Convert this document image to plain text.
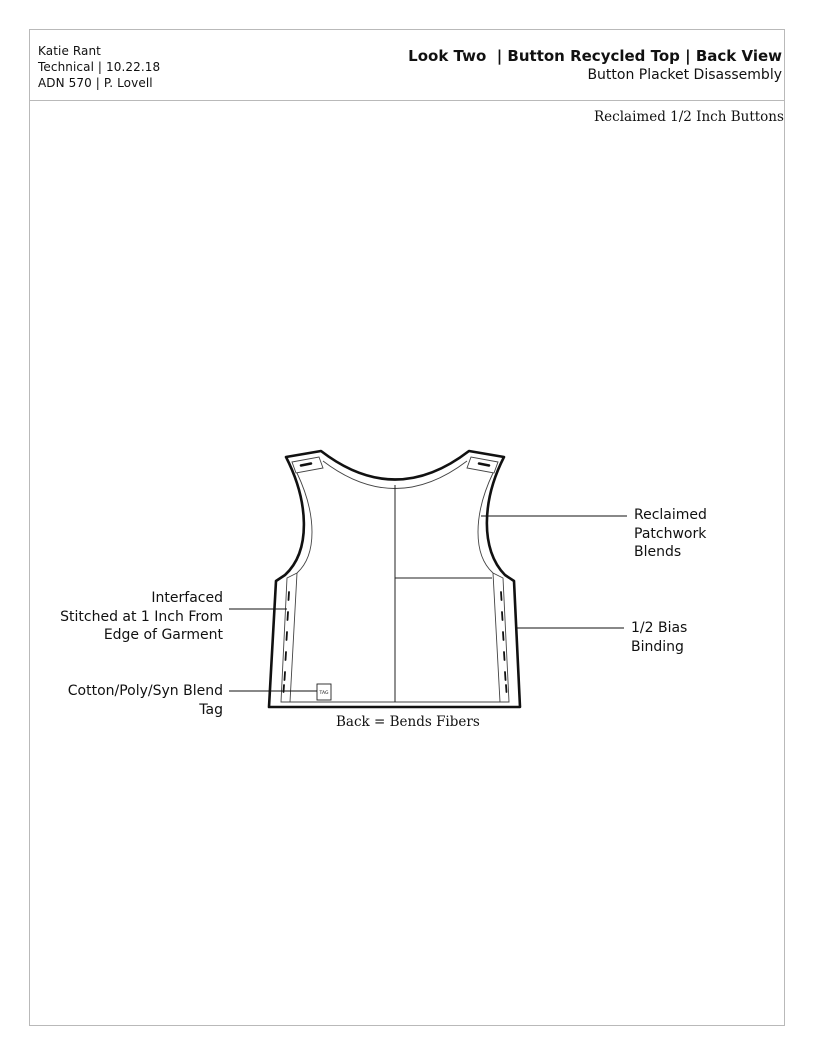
Katie Rant
Technical | 10.22.18
ADN 570 | P. Lovell
Look Two  | Button Recycled Top | Back View
Button Placket Disassembly
Reclaimed 1/2 Inch Buttons
TAG
Interfaced
Stitched at 1 Inch From
Edge of Garment
Cotton/Poly/Syn Blend
Tag
Reclaimed
Patchwork
Blends
1/2 Bias
Binding
Back = Bends Fibers
